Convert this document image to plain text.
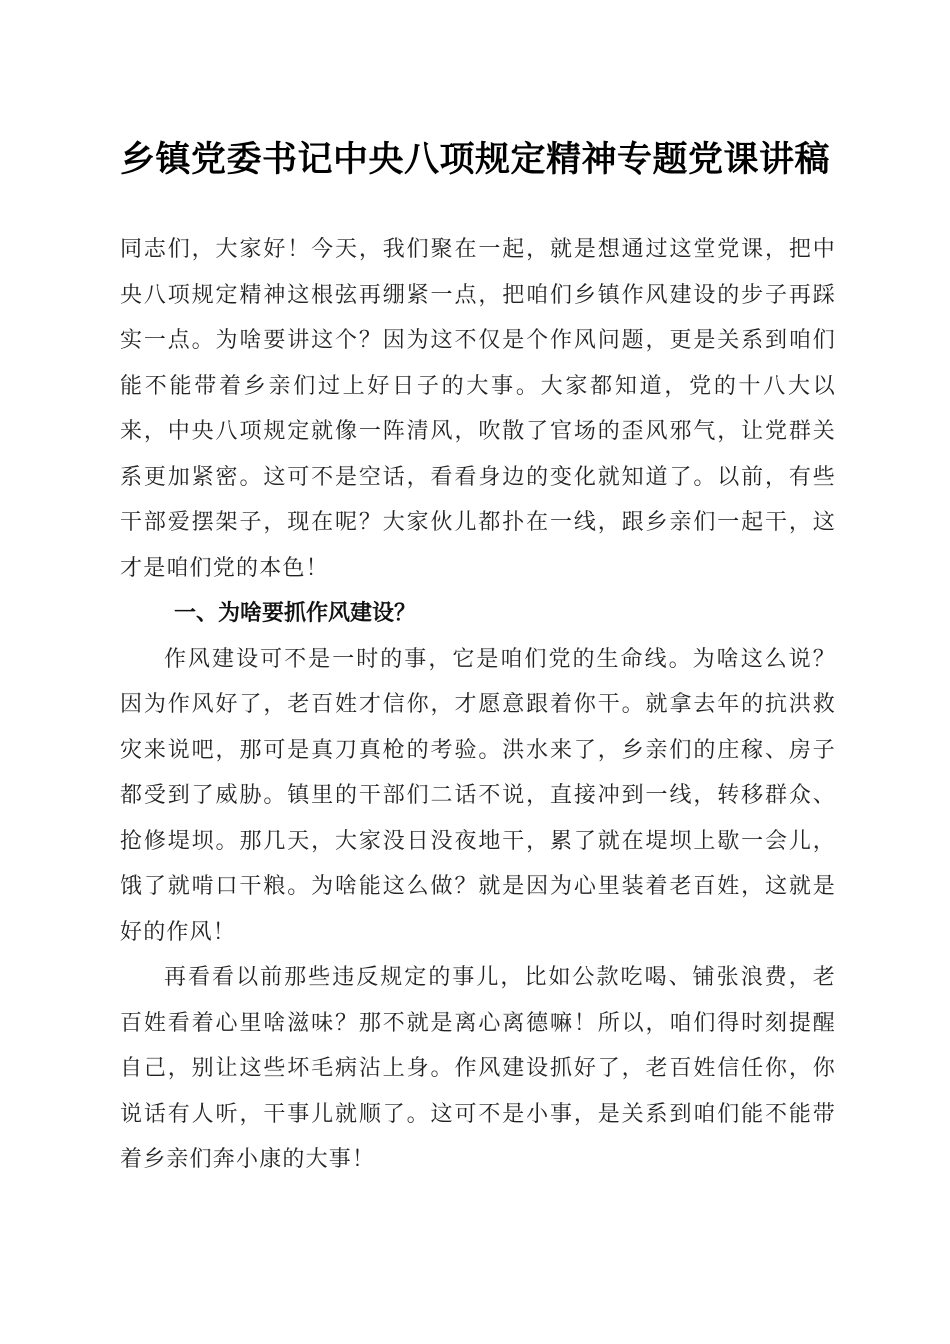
乡镇党委书记中央八项规定精神专题党课讲稿

同志们，大家好！今天，我们聚在一起，就是想通过这堂党课，把中央八项规定精神这根弦再绷紧一点，把咱们乡镇作风建设的步子再踩实一点。为啥要讲这个？因为这不仅是个作风问题，更是关系到咱们能不能带着乡亲们过上好日子的大事。大家都知道，党的十八大以来，中央八项规定就像一阵清风，吹散了官场的歪风邪气，让党群关系更加紧密。这可不是空话，看看身边的变化就知道了。以前，有些干部爱摆架子，现在呢？大家伙儿都扑在一线，跟乡亲们一起干，这才是咱们党的本色！

一、为啥要抓作风建设？

作风建设可不是一时的事，它是咱们党的生命线。为啥这么说？因为作风好了，老百姓才信你，才愿意跟着你干。就拿去年的抗洪救灾来说吧，那可是真刀真枪的考验。洪水来了，乡亲们的庄稼、房子都受到了威胁。镇里的干部们二话不说，直接冲到一线，转移群众、抢修堤坝。那几天，大家没日没夜地干，累了就在堤坝上歇一会儿，饿了就啃口干粮。为啥能这么做？就是因为心里装着老百姓，这就是好的作风！

再看看以前那些违反规定的事儿，比如公款吃喝、铺张浪费，老百姓看着心里啥滋味？那不就是离心离德嘛！所以，咱们得时刻提醒自己，别让这些坏毛病沾上身。作风建设抓好了，老百姓信任你，你说话有人听，干事儿就顺了。这可不是小事，是关系到咱们能不能带着乡亲们奔小康的大事！
